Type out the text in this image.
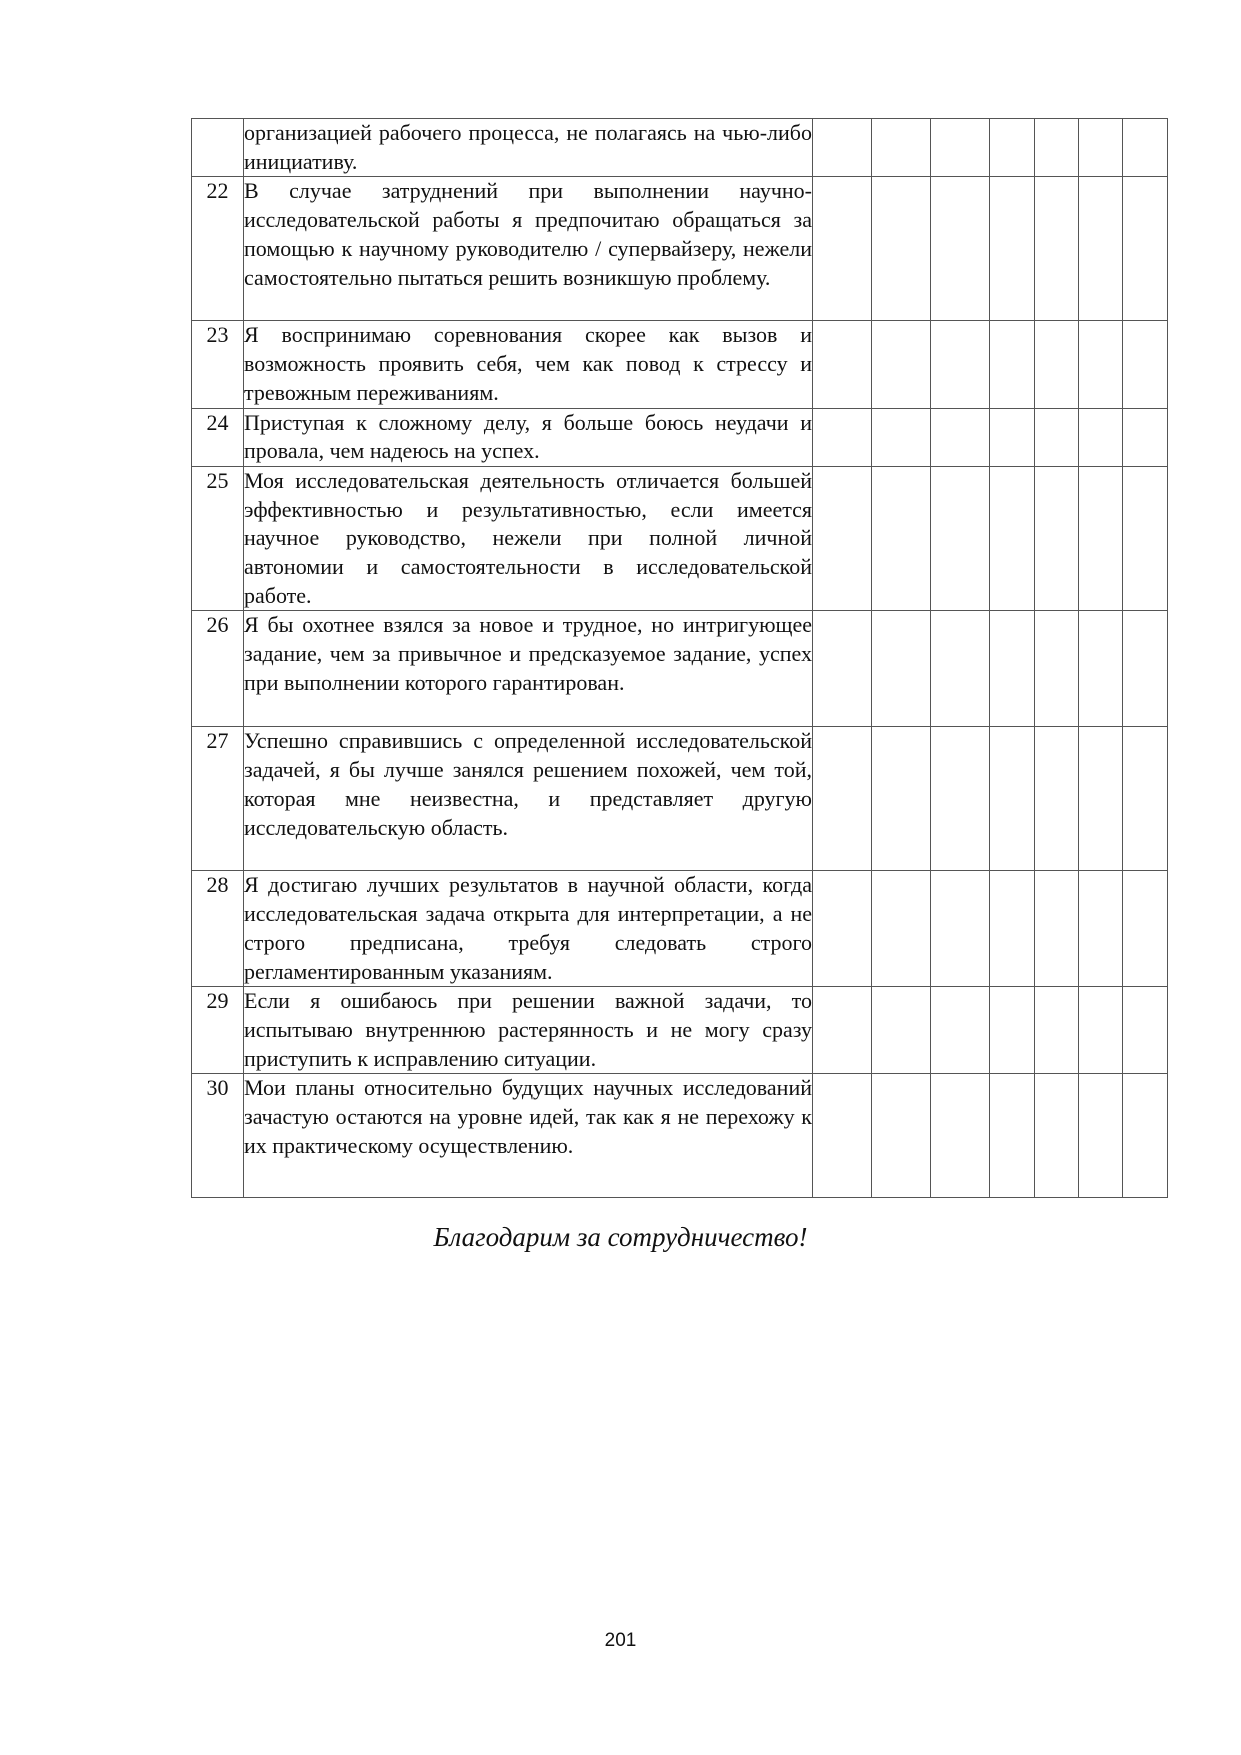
	организацией рабочего процесса, не полагаясь на чью-либо инициативу.							
22	В случае затруднений при выполнении научно-исследовательской работы я предпочитаю обращаться за помощью к научному руководителю / супервайзеру, нежели самостоятельно пытаться решить возникшую проблему.							
23	Я воспринимаю соревнования скорее как вызов и возможность проявить себя, чем как повод к стрессу и тревожным переживаниям.							
24	Приступая к сложному делу, я больше боюсь неудачи и провала, чем надеюсь на успех.							
25	Моя исследовательская деятельность отличается большей эффективностью и результативностью, если имеется научное руководство, нежели при полной личной автономии и самостоятельности в исследовательской работе.							
26	Я бы охотнее взялся за новое и трудное, но интригующее задание, чем за привычное и предсказуемое задание, успех при выполнении которого гарантирован.							
27	Успешно справившись с определенной исследовательской задачей, я бы лучше занялся решением похожей, чем той, которая мне неизвестна, и представляет другую исследовательскую область.							
28	Я достигаю лучших результатов в научной области, когда исследовательская задача открыта для интерпретации, а не строго предписана, требуя следовать строго регламентированным указаниям.							
29	Если я ошибаюсь при решении важной задачи, то испытываю внутреннюю растерянность и не могу сразу приступить к исправлению ситуации.							
30	Мои планы относительно будущих научных исследований зачастую остаются на уровне идей, так как я не перехожу к их практическому осуществлению.							
Благодарим за сотрудничество!
201
